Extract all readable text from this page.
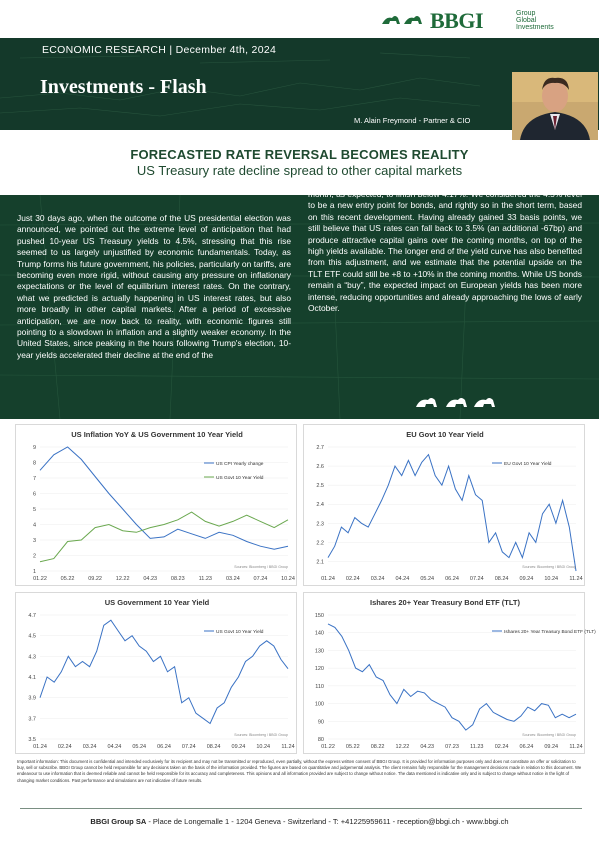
BBGI	Group
Global
Investments
ECONOMIC RESEARCH | December 4th, 2024
Investments - Flash
M. Alain Freymond - Partner & CIO
FORECASTED RATE REVERSAL BECOMES REALITY
US Treasury rate decline spread to other capital markets
Just 30 days ago, when the outcome of the US presidential election was announced, we pointed out the extreme level of anticipation that had pushed 10-year US Treasury yields to 4.5%, stressing that this rise seemed to us largely unjustified by economic fundamentals. Today, as Trump forms his future government, his policies, particularly on tariffs, are becoming even more rigid, without causing any pressure on inflationary expectations or the level of equilibrium interest rates. On the contrary, what we predicted is actually happening in US interest rates, but also more broadly in other capital markets. After a period of excessive anticipation, we are now back to reality, with economic figures still pointing to a slowdown in inflation and a slightly weaker economy. In the United States, since peaking in the hours following Trump's election, 10-year yields accelerated their decline at the end of the
month, as expected, to finish below 4.17%. We considered the 4.5% level to be a new entry point for bonds, and rightly so in the short term, based on this recent development. Having already gained 33 basis points, we still believe that US rates can fall back to 3.5% (an additional -67bp) and produce attractive capital gains over the coming months, on top of the high yields available. The longer end of the yield curve has also benefited from this adjustment, and we estimate that the potential upside on the TLT ETF could still be +8 to +10% in the coming months. While US bonds remain a “buy”, the expected impact on European yields has been more intense, reducing opportunities and already approaching the lows of early October.
US Inflation YoY & US Government 10 Year Yield
1
2
3
4
5
6
7
8
9
01.22	05.22	09.22	12.22	04.23	08.23	11.23	03.24	07.24	10.24
US CPI Yearly change
US Govt 10 Year Yield
Sources: Bloomberg / BBGI Group
EU Govt 10 Year Yield
2.1
2.2
2.3
2.4
2.5
2.6
2.7
01.24 02.24 03.24 04.24 05.24 06.24 07.24 08.24 09.24 10.24 11.24
EU Govt 10 Year Yield
Sources: Bloomberg / BBGI Group
US Government 10 Year Yield
3.5
3.7
3.9
4.1
4.3
4.5
4.7
01.24 02.24 03.24 04.24 05.24 06.24 07.24 08.24 09.24 10.24 11.24
US Govt 10 Year Yield
Sources: Bloomberg / BBGI Group
Ishares 20+ Year Treasury Bond ETF (TLT)
80
90
100
110
120
130
140
150
01.22 05.22 08.22 12.22 04.23 07.23 11.23 02.24 06.24 09.24 11.24
Ishares 20+ Year Treasury Bond ETF (TLT)
Sources: Bloomberg / BBGI Group
Important information: This document is confidential and intended exclusively for its recipient and may not be transmitted or reproduced, even partially, without the express written consent of BBGI Group. It is provided for information purposes only and does not constitute an offer or solicitation to buy, sell or subscribe. BBGI Group cannot be held responsible for any decisions taken on the basis of the information provided. The figures are based on quantitative and judgemental analysis. The client remains fully responsible for the management decisions made in relation to this document. We endeavour to use information that is deemed reliable and cannot be held responsible for its accuracy and completeness. This opinions and all information provided are subject to change without notice. The data mentioned is indicative only and is subject to change without notice in the light of changing market conditions. Past performance and simulations are not indicative of future results.
BBGI Group SA - Place de Longemalle 1 - 1204 Geneva - Switzerland - T: +41225959611 - reception@bbgi.ch - www.bbgi.ch
